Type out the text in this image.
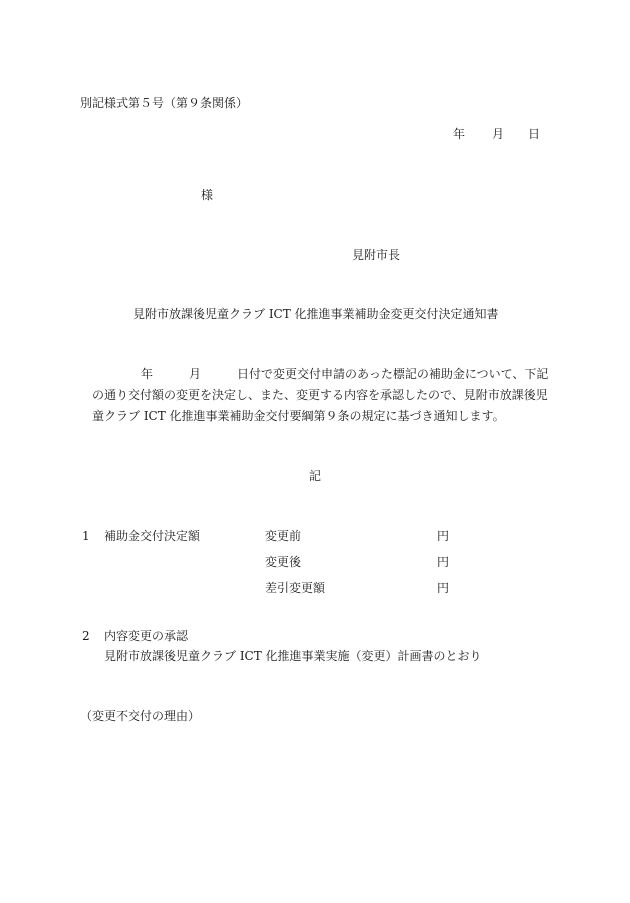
別記様式第５号（第９条関係）
年 月 日
様
見附市長
見附市放課後児童クラブ ICT 化推進事業補助金変更交付決定通知書
年	月	日付で変更交付申請のあった標記の補助金について、下記
の通り交付額の変更を決定し、また、変更する内容を承認したので、見附市放課後児
童クラブ ICT 化推進事業補助金交付要綱第９条の規定に基づき通知します。
記
1 補助金交付決定額	変更前	円
変更後	円
差引変更額	円
2 内容変更の承認
見附市放課後児童クラブ ICT 化推進事業実施（変更）計画書のとおり
（変更不交付の理由）
